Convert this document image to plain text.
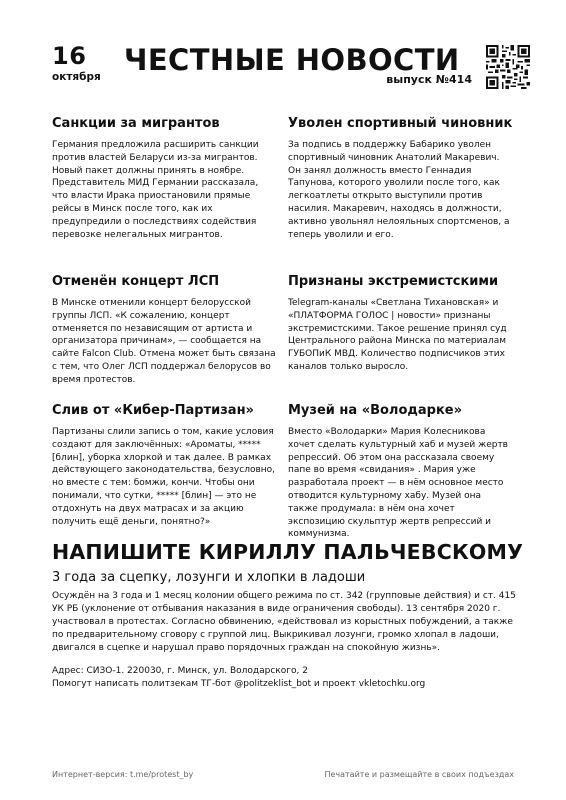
16
октября ЧЕСТНЫЕ НОВОСТИ
выпуск №414
Санкции за мигрантов
Германия предложила расширить санкции против властей Беларуси из-за мигрантов. Новый пакет должны принять в ноябре. Представитель МИД Германии рассказала, что власти Ирака приостановили прямые рейсы в Минск после того, как их предупредили о последствиях содействия перевозке нелегальных мигрантов.
Уволен спортивный чиновник
За подпись в поддержку Бабарико уволен спортивный чиновник Анатолий Макаревич. Он занял должность вместо Геннадия Тапунова, которого уволили после того, как легкоатлеты открыто выступили против насилия. Макаревич, находясь в должности, активно увольнял нелояльных спортсменов, а теперь уволили и его.
Отменён концерт ЛСП
В Минске отменили концерт белорусской группы ЛСП. «К сожалению, концерт отменяется по независящим от артиста и организатора причинам», — сообщается на сайте Falcon Club. Отмена может быть связана с тем, что Олег ЛСП поддержал белорусов во время протестов.
Признаны экстремистскими
Telegram-каналы «Светлана Тихановская» и «ПЛАТФОРМА ГОЛОС | новости» признаны экстремистскими. Такое решение принял суд Центрального района Минска по материалам ГУБОПиК МВД. Количество подписчиков этих каналов только выросло.
Слив от «Кибер-Партизан»
Партизаны слили запись о том, какие условия создают для заключённых: «Ароматы, ***** [блин], уборка хлоркой и так далее. В рамках действующего законодательства, безусловно, но вместе с тем: бомжи, кончи. Чтобы они понимали, что сутки, ***** [блин] — это не отдохнуть на двух матрасах и за акцию получить ещё деньги, понятно?»
Музей на «Володарке»
Вместо «Володарки» Мария Колесникова хочет сделать культурный хаб и музей жертв репрессий. Об этом она рассказала своему папе во время «свидания» . Мария уже разработала проект — в нём основное место отводится культурному хабу. Музей она также продумала: в нём она хочет экспозицию скульптур жертв репрессий и коммунизма.
НАПИШИТЕ КИРИЛЛУ ПАЛЬЧЕВСКОМУ
3 года за сцепку, лозунги и хлопки в ладоши
Осуждён на 3 года и 1 месяц колонии общего режима по ст. 342 (групповые действия) и ст. 415 УК РБ (уклонение от отбывания наказания в виде ограничения свободы). 13 сентября 2020 г. участвовал в протестах. Согласно обвинению, «действовал из корыстных побуждений, а также по предварительному сговору с группой лиц. Выкрикивал лозунги, громко хлопал в ладоши, двигался в сцепке и нарушал право порядочных граждан на спокойную жизнь».
Адрес: СИЗО-1. 220030, г. Минск, ул. Володарского, 2
Помогут написать политзекам ТГ-бот @politzeklist_bot и проект vkletochku.org
Интернет-версия: t.me/protest_by	Печатайте и размещайте в своих подъездах
